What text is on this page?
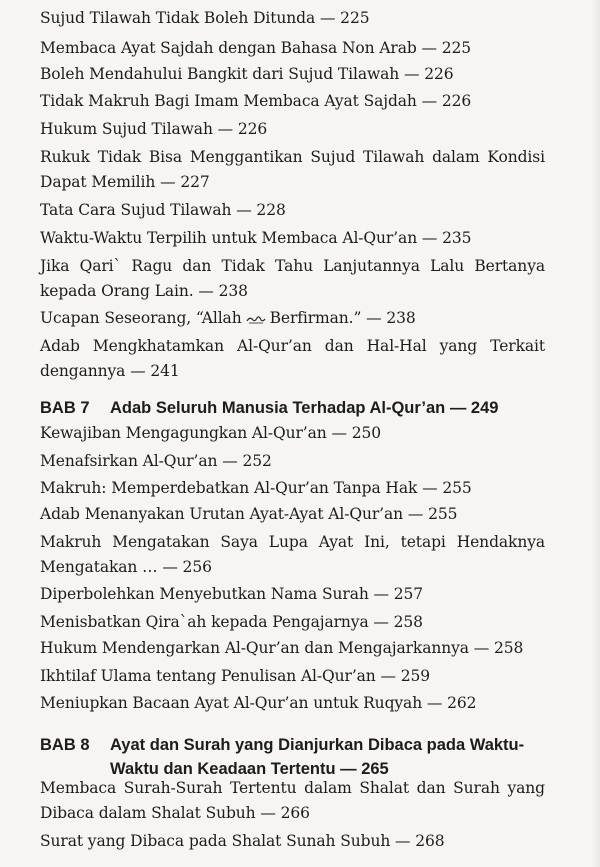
Sujud Tilawah Tidak Boleh Ditunda — 225
Membaca Ayat Sajdah dengan Bahasa Non Arab — 225
Boleh Mendahului Bangkit dari Sujud Tilawah — 226
Tidak Makruh Bagi Imam Membaca Ayat Sajdah — 226
Hukum Sujud Tilawah — 226
Rukuk Tidak Bisa Menggantikan Sujud Tilawah dalam Kondisi Dapat Memilih — 227
Tata Cara Sujud Tilawah — 228
Waktu-Waktu Terpilih untuk Membaca Al-Qur’an — 235
Jika Qari` Ragu dan Tidak Tahu Lanjutannya Lalu Bertanya kepada Orang Lain. — 238
Ucapan Seseorang, “Allah Berfirman.” — 238
Adab Mengkhatamkan Al-Qur’an dan Hal-Hal yang Terkait dengannya — 241
BAB 7 Adab Seluruh Manusia Terhadap Al-Qur’an — 249
Kewajiban Mengagungkan Al-Qur’an — 250
Menafsirkan Al-Qur’an — 252
Makruh: Memperdebatkan Al-Qur’an Tanpa Hak — 255
Adab Menanyakan Urutan Ayat-Ayat Al-Qur’an — 255
Makruh Mengatakan Saya Lupa Ayat Ini, tetapi Hendaknya Mengatakan … — 256
Diperbolehkan Menyebutkan Nama Surah — 257
Menisbatkan Qira`ah kepada Pengajarnya — 258
Hukum Mendengarkan Al-Qur’an dan Mengajarkannya — 258
Ikhtilaf Ulama tentang Penulisan Al-Qur’an — 259
Meniupkan Bacaan Ayat Al-Qur’an untuk Ruqyah — 262
BAB 8 Ayat dan Surah yang Dianjurkan Dibaca pada Waktu-
Waktu dan Keadaan Tertentu — 265
Membaca Surah-Surah Tertentu dalam Shalat dan Surah yang Dibaca dalam Shalat Subuh — 266
Surat yang Dibaca pada Shalat Sunah Subuh — 268
